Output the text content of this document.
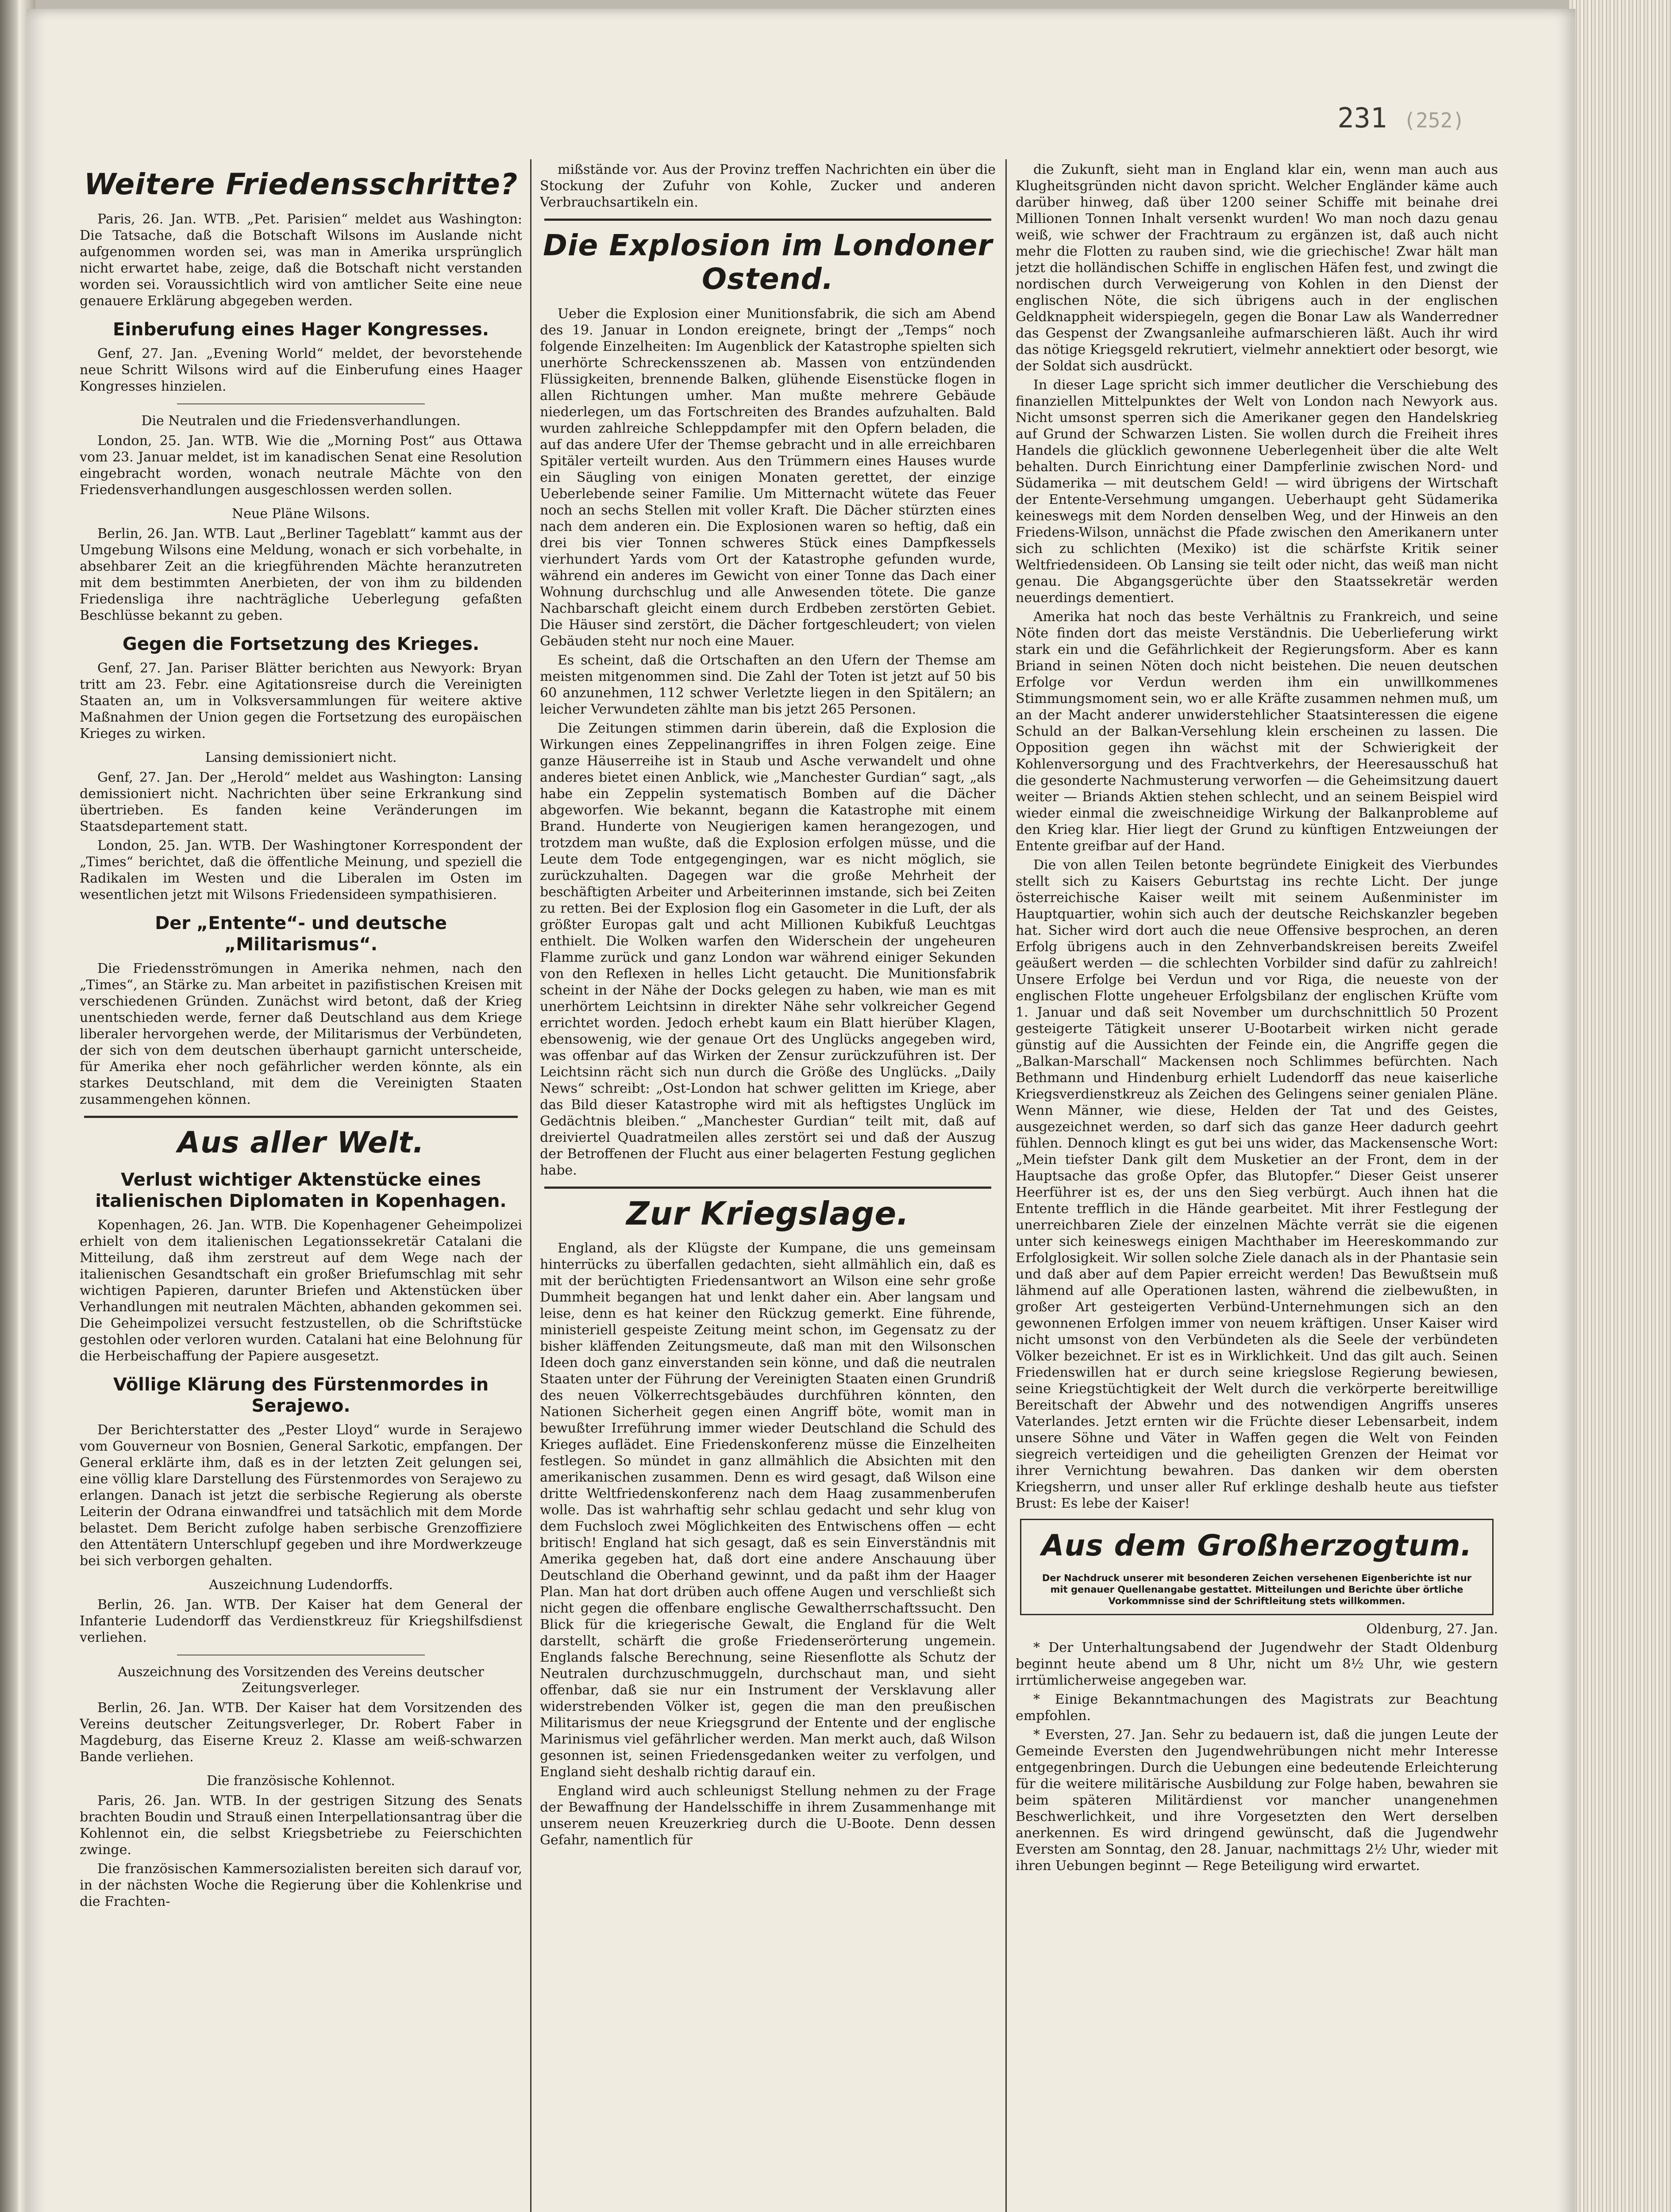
231 (252)
Weitere Friedensschritte?

Paris, 26. Jan. WTB. „Pet. Parisien“ meldet aus Washington: Die Tatsache, daß die Botschaft Wilsons im Auslande nicht aufgenommen worden sei, was man in Amerika ursprünglich nicht erwartet habe, zeige, daß die Botschaft nicht verstanden worden sei. Voraussichtlich wird von amtlicher Seite eine neue genauere Erklärung abgegeben werden.

Einberufung eines Hager Kongresses.

Genf, 27. Jan. „Evening World“ meldet, der bevorstehende neue Schritt Wilsons wird auf die Einberufung eines Haager Kongresses hinzielen.

Die Neutralen und die Friedensverhandlungen.

London, 25. Jan. WTB. Wie die „Morning Post“ aus Ottawa vom 23. Januar meldet, ist im kanadischen Senat eine Resolution eingebracht worden, wonach neutrale Mächte von den Friedensverhandlungen ausgeschlossen werden sollen.

Neue Pläne Wilsons.

Berlin, 26. Jan. WTB. Laut „Berliner Tageblatt“ kammt aus der Umgebung Wilsons eine Meldung, wonach er sich vorbehalte, in absehbarer Zeit an die kriegführenden Mächte heranzutreten mit dem bestimmten Anerbieten, der von ihm zu bildenden Friedensliga ihre nachträgliche Ueberlegung gefaßten Beschlüsse bekannt zu geben.

Gegen die Fortsetzung des Krieges.

Genf, 27. Jan. Pariser Blätter berichten aus Newyork: Bryan tritt am 23. Febr. eine Agitationsreise durch die Vereinigten Staaten an, um in Volksversammlungen für weitere aktive Maßnahmen der Union gegen die Fortsetzung des europäischen Krieges zu wirken.

Lansing demissioniert nicht.

Genf, 27. Jan. Der „Herold“ meldet aus Washington: Lansing demissioniert nicht. Nachrichten über seine Erkrankung sind übertrieben. Es fanden keine Veränderungen im Staatsdepartement statt.

London, 25. Jan. WTB. Der Washingtoner Korrespondent der „Times“ berichtet, daß die öffentliche Meinung, und speziell die Radikalen im Westen und die Liberalen im Osten im wesentlichen jetzt mit Wilsons Friedensideen sympathisieren.

Der „Entente“- und deutsche „Militarismus“.

Die Friedensströmungen in Amerika nehmen, nach den „Times“, an Stärke zu. Man arbeitet in pazifistischen Kreisen mit verschiedenen Gründen. Zunächst wird betont, daß der Krieg unentschieden werde, ferner daß Deutschland aus dem Kriege liberaler hervorgehen werde, der Militarismus der Verbündeten, der sich von dem deutschen überhaupt garnicht unterscheide, für Amerika eher noch gefährlicher werden könnte, als ein starkes Deutschland, mit dem die Vereinigten Staaten zusammengehen können.

Aus aller Welt.
Verlust wichtiger Aktenstücke eines italienischen Diplomaten in Kopenhagen.

Kopenhagen, 26. Jan. WTB. Die Kopenhagener Geheimpolizei erhielt von dem italienischen Legationssekretär Catalani die Mitteilung, daß ihm zerstreut auf dem Wege nach der italienischen Gesandtschaft ein großer Briefumschlag mit sehr wichtigen Papieren, darunter Briefen und Aktenstücken über Verhandlungen mit neutralen Mächten, abhanden gekommen sei. Die Geheimpolizei versucht festzustellen, ob die Schriftstücke gestohlen oder verloren wurden. Catalani hat eine Belohnung für die Herbeischaffung der Papiere ausgesetzt.

Völlige Klärung des Fürstenmordes in Serajewo.

Der Berichterstatter des „Pester Lloyd“ wurde in Serajewo vom Gouverneur von Bosnien, General Sarkotic, empfangen. Der General erklärte ihm, daß es in der letzten Zeit gelungen sei, eine völlig klare Darstellung des Fürstenmordes von Serajewo zu erlangen. Danach ist jetzt die serbische Regierung als oberste Leiterin der Odrana einwandfrei und tatsächlich mit dem Morde belastet. Dem Bericht zufolge haben serbische Grenzoffiziere den Attentätern Unterschlupf gegeben und ihre Mordwerkzeuge bei sich verborgen gehalten.

Auszeichnung Ludendorffs.

Berlin, 26. Jan. WTB. Der Kaiser hat dem General der Infanterie Ludendorff das Verdienstkreuz für Kriegshilfsdienst verliehen.

Auszeichnung des Vorsitzenden des Vereins deutscher Zeitungsverleger.

Berlin, 26. Jan. WTB. Der Kaiser hat dem Vorsitzenden des Vereins deutscher Zeitungsverleger, Dr. Robert Faber in Magdeburg, das Eiserne Kreuz 2. Klasse am weiß-schwarzen Bande verliehen.

Die französische Kohlennot.

Paris, 26. Jan. WTB. In der gestrigen Sitzung des Senats brachten Boudin und Strauß einen Interpellationsantrag über die Kohlennot ein, die selbst Kriegsbetriebe zu Feierschichten zwinge.

Die französischen Kammersozialisten bereiten sich darauf vor, in der nächsten Woche die Regierung über die Kohlenkrise und die Frachten-

mißstände vor. Aus der Provinz treffen Nachrichten ein über die Stockung der Zufuhr von Kohle, Zucker und anderen Verbrauchsartikeln ein.

Die Explosion im Londoner Ostend.

Ueber die Explosion einer Munitionsfabrik, die sich am Abend des 19. Januar in London ereignete, bringt der „Temps“ noch folgende Einzelheiten: Im Augenblick der Katastrophe spielten sich unerhörte Schreckensszenen ab. Massen von entzündenden Flüssigkeiten, brennende Balken, glühende Eisenstücke flogen in allen Richtungen umher. Man mußte mehrere Gebäude niederlegen, um das Fortschreiten des Brandes aufzuhalten. Bald wurden zahlreiche Schleppdampfer mit den Opfern beladen, die auf das andere Ufer der Themse gebracht und in alle erreichbaren Spitäler verteilt wurden. Aus den Trümmern eines Hauses wurde ein Säugling von einigen Monaten gerettet, der einzige Ueberlebende seiner Familie. Um Mitternacht wütete das Feuer noch an sechs Stellen mit voller Kraft. Die Dächer stürzten eines nach dem anderen ein. Die Explosionen waren so heftig, daß ein drei bis vier Tonnen schweres Stück eines Dampfkessels vierhundert Yards vom Ort der Katastrophe gefunden wurde, während ein anderes im Gewicht von einer Tonne das Dach einer Wohnung durchschlug und alle Anwesenden tötete. Die ganze Nachbarschaft gleicht einem durch Erdbeben zerstörten Gebiet. Die Häuser sind zerstört, die Dächer fortgeschleudert; von vielen Gebäuden steht nur noch eine Mauer.

Es scheint, daß die Ortschaften an den Ufern der Themse am meisten mitgenommen sind. Die Zahl der Toten ist jetzt auf 50 bis 60 anzunehmen, 112 schwer Verletzte liegen in den Spitälern; an leicher Verwundeten zählte man bis jetzt 265 Personen.

Die Zeitungen stimmen darin überein, daß die Explosion die Wirkungen eines Zeppelinangriffes in ihren Folgen zeige. Eine ganze Häuserreihe ist in Staub und Asche verwandelt und ohne anderes bietet einen Anblick, wie „Manchester Gurdian“ sagt, „als habe ein Zeppelin systematisch Bomben auf die Dächer abgeworfen. Wie bekannt, begann die Katastrophe mit einem Brand. Hunderte von Neugierigen kamen herangezogen, und trotzdem man wußte, daß die Explosion erfolgen müsse, und die Leute dem Tode entgegengingen, war es nicht möglich, sie zurückzuhalten. Dagegen war die große Mehrheit der beschäftigten Arbeiter und Arbeiterinnen imstande, sich bei Zeiten zu retten. Bei der Explosion flog ein Gasometer in die Luft, der als größter Europas galt und acht Millionen Kubikfuß Leuchtgas enthielt. Die Wolken warfen den Widerschein der ungeheuren Flamme zurück und ganz London war während einiger Sekunden von den Reflexen in helles Licht getaucht. Die Munitionsfabrik scheint in der Nähe der Docks gelegen zu haben, wie man es mit unerhörtem Leichtsinn in direkter Nähe sehr volkreicher Gegend errichtet worden. Jedoch erhebt kaum ein Blatt hierüber Klagen, ebensowenig, wie der genaue Ort des Unglücks angegeben wird, was offenbar auf das Wirken der Zensur zurückzuführen ist. Der Leichtsinn rächt sich nun durch die Größe des Unglücks. „Daily News“ schreibt: „Ost-London hat schwer gelitten im Kriege, aber das Bild dieser Katastrophe wird mit als heftigstes Unglück im Gedächtnis bleiben.“ „Manchester Gurdian“ teilt mit, daß auf dreiviertel Quadratmeilen alles zerstört sei und daß der Auszug der Betroffenen der Flucht aus einer belagerten Festung geglichen habe.

Zur Kriegslage.

England, als der Klügste der Kumpane, die uns gemeinsam hinterrücks zu überfallen gedachten, sieht allmählich ein, daß es mit der berüchtigten Friedensantwort an Wilson eine sehr große Dummheit begangen hat und lenkt daher ein. Aber langsam und leise, denn es hat keiner den Rückzug gemerkt. Eine führende, ministeriell gespeiste Zeitung meint schon, im Gegensatz zu der bisher kläffenden Zeitungsmeute, daß man mit den Wilsonschen Ideen doch ganz einverstanden sein könne, und daß die neutralen Staaten unter der Führung der Vereinigten Staaten einen Grundriß des neuen Völkerrechtsgebäudes durchführen könnten, den Nationen Sicherheit gegen einen Angriff böte, womit man in bewußter Irreführung immer wieder Deutschland die Schuld des Krieges auflädet. Eine Friedenskonferenz müsse die Einzelheiten festlegen. So mündet in ganz allmählich die Absichten mit den amerikanischen zusammen. Denn es wird gesagt, daß Wilson eine dritte Weltfriedenskonferenz nach dem Haag zusammenberufen wolle. Das ist wahrhaftig sehr schlau gedacht und sehr klug von dem Fuchsloch zwei Möglichkeiten des Entwischens offen — echt britisch! England hat sich gesagt, daß es sein Einverständnis mit Amerika gegeben hat, daß dort eine andere Anschauung über Deutschland die Oberhand gewinnt, und da paßt ihm der Haager Plan. Man hat dort drüben auch offene Augen und verschließt sich nicht gegen die offenbare englische Gewaltherrschaftssucht. Den Blick für die kriegerische Gewalt, die England für die Welt darstellt, schärft die große Friedenserörterung ungemein. Englands falsche Berechnung, seine Riesenflotte als Schutz der Neutralen durchzuschmuggeln, durchschaut man, und sieht offenbar, daß sie nur ein Instrument der Versklavung aller widerstrebenden Völker ist, gegen die man den preußischen Militarismus der neue Kriegsgrund der Entente und der englische Marinismus viel gefährlicher werden. Man merkt auch, daß Wilson gesonnen ist, seinen Friedensgedanken weiter zu verfolgen, und England sieht deshalb richtig darauf ein.

England wird auch schleunigst Stellung nehmen zu der Frage der Bewaffnung der Handelsschiffe in ihrem Zusammenhange mit unserem neuen Kreuzerkrieg durch die U-Boote. Denn dessen Gefahr, namentlich für

die Zukunft, sieht man in England klar ein, wenn man auch aus Klugheitsgründen nicht davon spricht. Welcher Engländer käme auch darüber hinweg, daß über 1200 seiner Schiffe mit beinahe drei Millionen Tonnen Inhalt versenkt wurden! Wo man noch dazu genau weiß, wie schwer der Frachtraum zu ergänzen ist, daß auch nicht mehr die Flotten zu rauben sind, wie die griechische! Zwar hält man jetzt die holländischen Schiffe in englischen Häfen fest, und zwingt die nordischen durch Verweigerung von Kohlen in den Dienst der englischen Nöte, die sich übrigens auch in der englischen Geldknappheit widerspiegeln, gegen die Bonar Law als Wanderredner das Gespenst der Zwangsanleihe aufmarschieren läßt. Auch ihr wird das nötige Kriegsgeld rekrutiert, vielmehr annektiert oder besorgt, wie der Soldat sich ausdrückt.

In dieser Lage spricht sich immer deutlicher die Verschiebung des finanziellen Mittelpunktes der Welt von London nach Newyork aus. Nicht umsonst sperren sich die Amerikaner gegen den Handelskrieg auf Grund der Schwarzen Listen. Sie wollen durch die Freiheit ihres Handels die glücklich gewonnene Ueberlegenheit über die alte Welt behalten. Durch Einrichtung einer Dampferlinie zwischen Nord- und Südamerika — mit deutschem Geld! — wird übrigens der Wirtschaft der Entente-Versehmung umgangen. Ueberhaupt geht Südamerika keineswegs mit dem Norden denselben Weg, und der Hinweis an den Friedens-Wilson, unnächst die Pfade zwischen den Amerikanern unter sich zu schlichten (Mexiko) ist die schärfste Kritik seiner Weltfriedensideen. Ob Lansing sie teilt oder nicht, das weiß man nicht genau. Die Abgangsgerüchte über den Staatssekretär werden neuerdings dementiert.

Amerika hat noch das beste Verhältnis zu Frankreich, und seine Nöte finden dort das meiste Verständnis. Die Ueberlieferung wirkt stark ein und die Gefährlichkeit der Regierungsform. Aber es kann Briand in seinen Nöten doch nicht beistehen. Die neuen deutschen Erfolge vor Verdun werden ihm ein unwillkommenes Stimmungsmoment sein, wo er alle Kräfte zusammen nehmen muß, um an der Macht anderer unwiderstehlicher Staatsinteressen die eigene Schuld an der Balkan-Versehlung klein erscheinen zu lassen. Die Opposition gegen ihn wächst mit der Schwierigkeit der Kohlenversorgung und des Frachtverkehrs, der Heeresausschuß hat die gesonderte Nachmusterung verworfen — die Geheimsitzung dauert weiter — Briands Aktien stehen schlecht, und an seinem Beispiel wird wieder einmal die zweischneidige Wirkung der Balkanprobleme auf den Krieg klar. Hier liegt der Grund zu künftigen Entzweiungen der Entente greifbar auf der Hand.

Die von allen Teilen betonte begründete Einigkeit des Vierbundes stellt sich zu Kaisers Geburtstag ins rechte Licht. Der junge österreichische Kaiser weilt mit seinem Außenminister im Hauptquartier, wohin sich auch der deutsche Reichskanzler begeben hat. Sicher wird dort auch die neue Offensive besprochen, an deren Erfolg übrigens auch in den Zehnverbandskreisen bereits Zweifel geäußert werden — die schlechten Vorbilder sind dafür zu zahlreich! Unsere Erfolge bei Verdun und vor Riga, die neueste von der englischen Flotte ungeheuer Erfolgsbilanz der englischen Krüfte vom 1. Januar und daß seit November um durchschnittlich 50 Prozent gesteigerte Tätigkeit unserer U-Bootarbeit wirken nicht gerade günstig auf die Aussichten der Feinde ein, die Angriffe gegen die „Balkan-Marschall“ Mackensen noch Schlimmes befürchten. Nach Bethmann und Hindenburg erhielt Ludendorff das neue kaiserliche Kriegsverdienstkreuz als Zeichen des Gelingens seiner genialen Pläne. Wenn Männer, wie diese, Helden der Tat und des Geistes, ausgezeichnet werden, so darf sich das ganze Heer dadurch geehrt fühlen. Dennoch klingt es gut bei uns wider, das Mackensensche Wort: „Mein tiefster Dank gilt dem Musketier an der Front, dem in der Hauptsache das große Opfer, das Blutopfer.“ Dieser Geist unserer Heerführer ist es, der uns den Sieg verbürgt. Auch ihnen hat die Entente trefflich in die Hände gearbeitet. Mit ihrer Festlegung der unerreichbaren Ziele der einzelnen Mächte verrät sie die eigenen unter sich keineswegs einigen Machthaber im Heereskommando zur Erfolglosigkeit. Wir sollen solche Ziele danach als in der Phantasie sein und daß aber auf dem Papier erreicht werden! Das Bewußtsein muß lähmend auf alle Operationen lasten, während die zielbewußten, in großer Art gesteigerten Verbünd-Unternehmungen sich an den gewonnenen Erfolgen immer von neuem kräftigen. Unser Kaiser wird nicht umsonst von den Verbündeten als die Seele der verbündeten Völker bezeichnet. Er ist es in Wirklichkeit. Und das gilt auch. Seinen Friedenswillen hat er durch seine kriegslose Regierung bewiesen, seine Kriegstüchtigkeit der Welt durch die verkörperte bereitwillige Bereitschaft der Abwehr und des notwendigen Angriffs unseres Vaterlandes. Jetzt ernten wir die Früchte dieser Lebensarbeit, indem unsere Söhne und Väter in Waffen gegen die Welt von Feinden siegreich verteidigen und die geheiligten Grenzen der Heimat vor ihrer Vernichtung bewahren. Das danken wir dem obersten Kriegsherrn, und unser aller Ruf erklinge deshalb heute aus tiefster Brust: Es lebe der Kaiser!

Aus dem Großherzogtum.
Der Nachdruck unserer mit besonderen Zeichen versehenen Eigenberichte ist nur mit genauer Quellenangabe gestattet. Mitteilungen und Berichte über örtliche Vorkommnisse sind der Schriftleitung stets willkommen.
Oldenburg, 27. Jan.

* Der Unterhaltungsabend der Jugendwehr der Stadt Oldenburg beginnt heute abend um 8 Uhr, nicht um 8½ Uhr, wie gestern irrtümlicherweise angegeben war.

* Einige Bekanntmachungen des Magistrats zur Beachtung empfohlen.

* Eversten, 27. Jan. Sehr zu bedauern ist, daß die jungen Leute der Gemeinde Eversten den Jugendwehrübungen nicht mehr Interesse entgegenbringen. Durch die Uebungen eine bedeutende Erleichterung für die weitere militärische Ausbildung zur Folge haben, bewahren sie beim späteren Militärdienst vor mancher unangenehmen Beschwerlichkeit, und ihre Vorgesetzten den Wert derselben anerkennen. Es wird dringend gewünscht, daß die Jugendwehr Eversten am Sonntag, den 28. Januar, nachmittags 2½ Uhr, wieder mit ihren Uebungen beginnt — Rege Beteiligung wird erwartet.
